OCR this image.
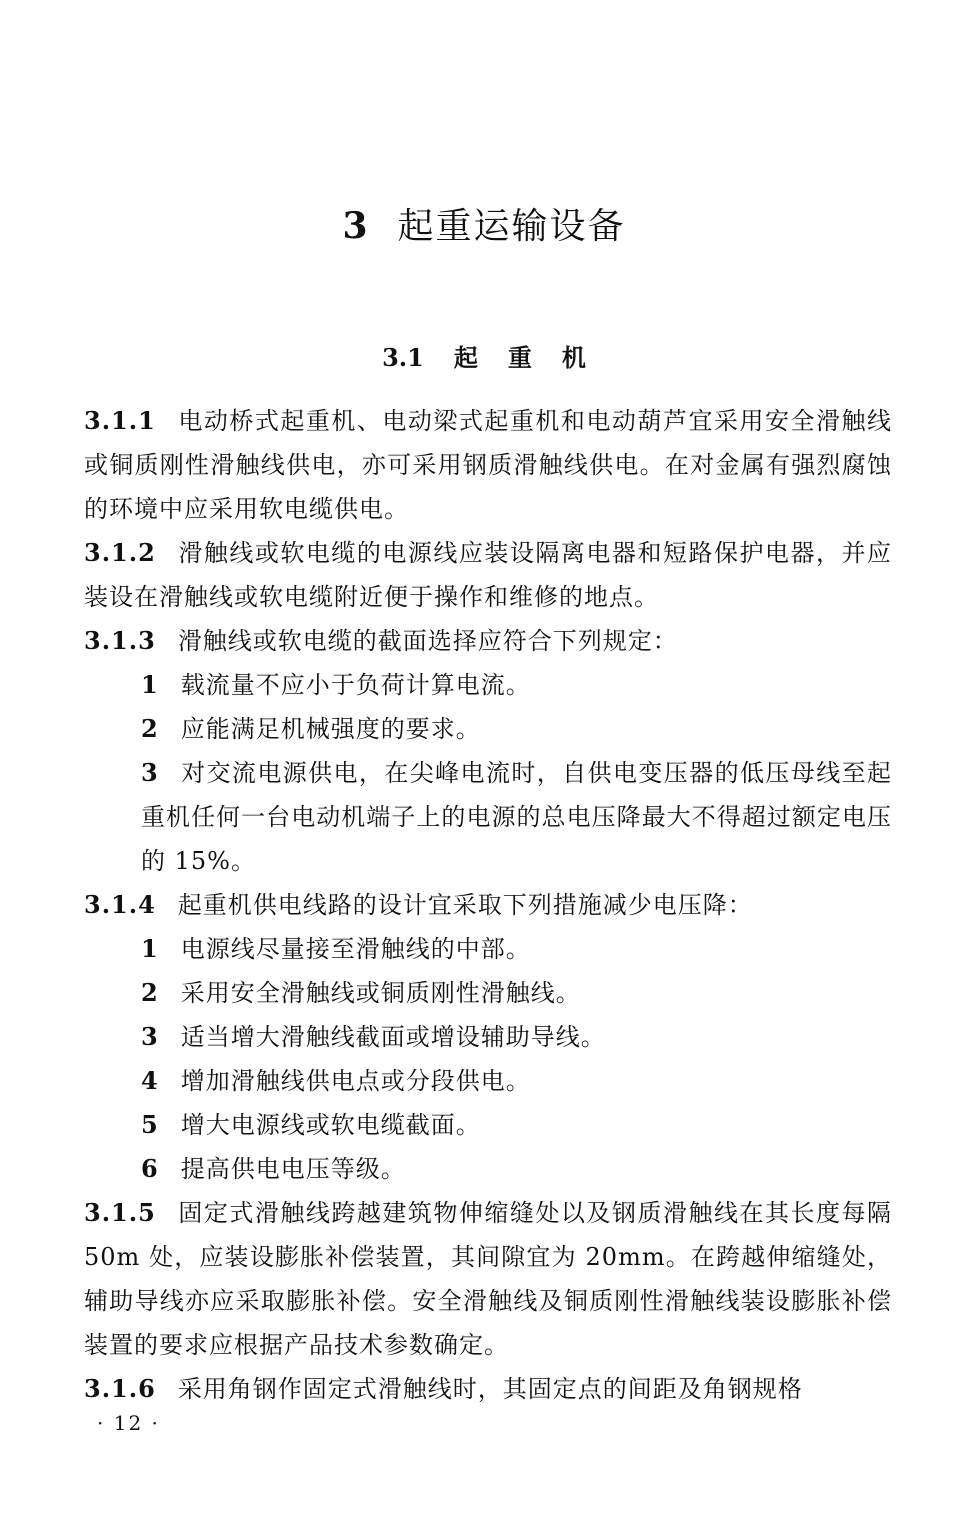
3 起重运输设备
3.1 起重机

3.1.1 电动桥式起重机、电动梁式起重机和电动葫芦宜采用安全滑触线或铜质刚性滑触线供电，亦可采用钢质滑触线供电。在对金属有强烈腐蚀的环境中应采用软电缆供电。

3.1.2 滑触线或软电缆的电源线应装设隔离电器和短路保护电器，并应装设在滑触线或软电缆附近便于操作和维修的地点。

3.1.3 滑触线或软电缆的截面选择应符合下列规定：

1 载流量不应小于负荷计算电流。

2 应能满足机械强度的要求。

3 对交流电源供电，在尖峰电流时，自供电变压器的低压母线至起重机任何一台电动机端子上的电源的总电压降最大不得超过额定电压的 15%。

3.1.4 起重机供电线路的设计宜采取下列措施减少电压降：

1 电源线尽量接至滑触线的中部。

2 采用安全滑触线或铜质刚性滑触线。

3 适当增大滑触线截面或增设辅助导线。

4 增加滑触线供电点或分段供电。

5 增大电源线或软电缆截面。

6 提高供电电压等级。

3.1.5 固定式滑触线跨越建筑物伸缩缝处以及钢质滑触线在其长度每隔 50m 处，应装设膨胀补偿装置，其间隙宜为 20mm。在跨越伸缩缝处，辅助导线亦应采取膨胀补偿。安全滑触线及铜质刚性滑触线装设膨胀补偿装置的要求应根据产品技术参数确定。

3.1.6 采用角钢作固定式滑触线时，其固定点的间距及角钢规格

· 12 ·
